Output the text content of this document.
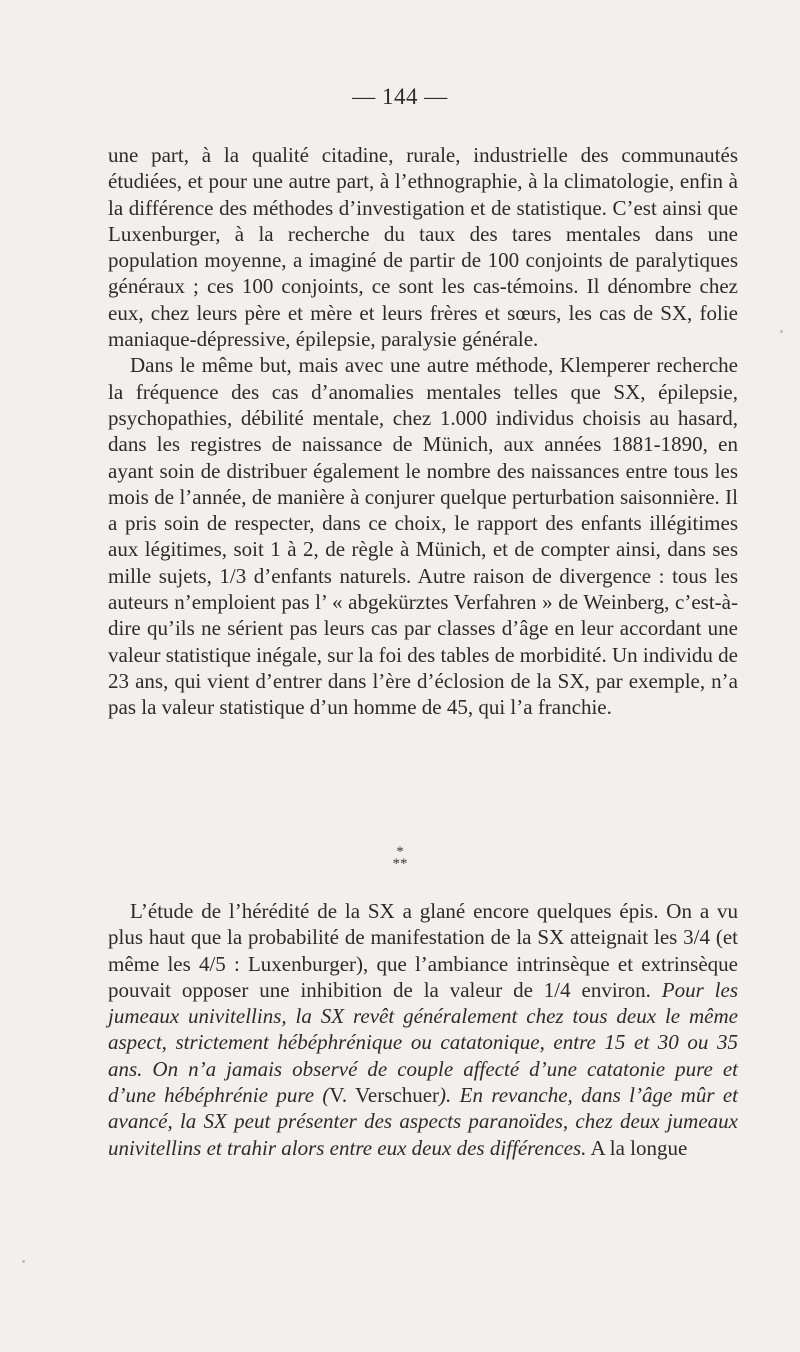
— 144 —

une part, à la qualité citadine, rurale, industrielle des communautés étudiées, et pour une autre part, à l’ethnographie, à la climatologie, enfin à la différence des méthodes d’investigation et de statistique. C’est ainsi que Luxenburger, à la recherche du taux des tares mentales dans une population moyenne, a imaginé de partir de 100 conjoints de paralytiques généraux ; ces 100 conjoints, ce sont les cas-témoins. Il dénombre chez eux, chez leurs père et mère et leurs frères et sœurs, les cas de SX, folie maniaque-dépressive, épilepsie, paralysie générale.

Dans le même but, mais avec une autre méthode, Klemperer recherche la fréquence des cas d’anomalies mentales telles que SX, épilepsie, psychopathies, débilité mentale, chez 1.000 individus choisis au hasard, dans les registres de naissance de Münich, aux années 1881-1890, en ayant soin de distribuer également le nombre des naissances entre tous les mois de l’année, de manière à conjurer quelque perturbation saisonnière. Il a pris soin de respecter, dans ce choix, le rapport des enfants illégitimes aux légitimes, soit 1 à 2, de règle à Münich, et de compter ainsi, dans ses mille sujets, 1/3 d’enfants naturels. Autre raison de divergence : tous les auteurs n’emploient pas l’ « abgekürztes Verfahren » de Weinberg, c’est-à-dire qu’ils ne sérient pas leurs cas par classes d’âge en leur accordant une valeur statistique inégale, sur la foi des tables de morbidité. Un individu de 23 ans, qui vient d’entrer dans l’ère d’éclosion de la SX, par exemple, n’a pas la valeur statistique d’un homme de 45, qui l’a franchie.

*
**

L’étude de l’hérédité de la SX a glané encore quelques épis. On a vu plus haut que la probabilité de manifestation de la SX atteignait les 3/4 (et même les 4/5 : Luxenburger), que l’ambiance intrinsèque et extrinsèque pouvait opposer une inhibition de la valeur de 1/4 environ. Pour les jumeaux univitellins, la SX revêt généralement chez tous deux le même aspect, strictement hébéphrénique ou catatonique, entre 15 et 30 ou 35 ans. On n’a jamais observé de couple affecté d’une catatonie pure et d’une hébéphrénie pure (V. Verschuer). En revanche, dans l’âge mûr et avancé, la SX peut présenter des aspects paranoïdes, chez deux jumeaux univitellins et trahir alors entre eux deux des différences. A la longue
